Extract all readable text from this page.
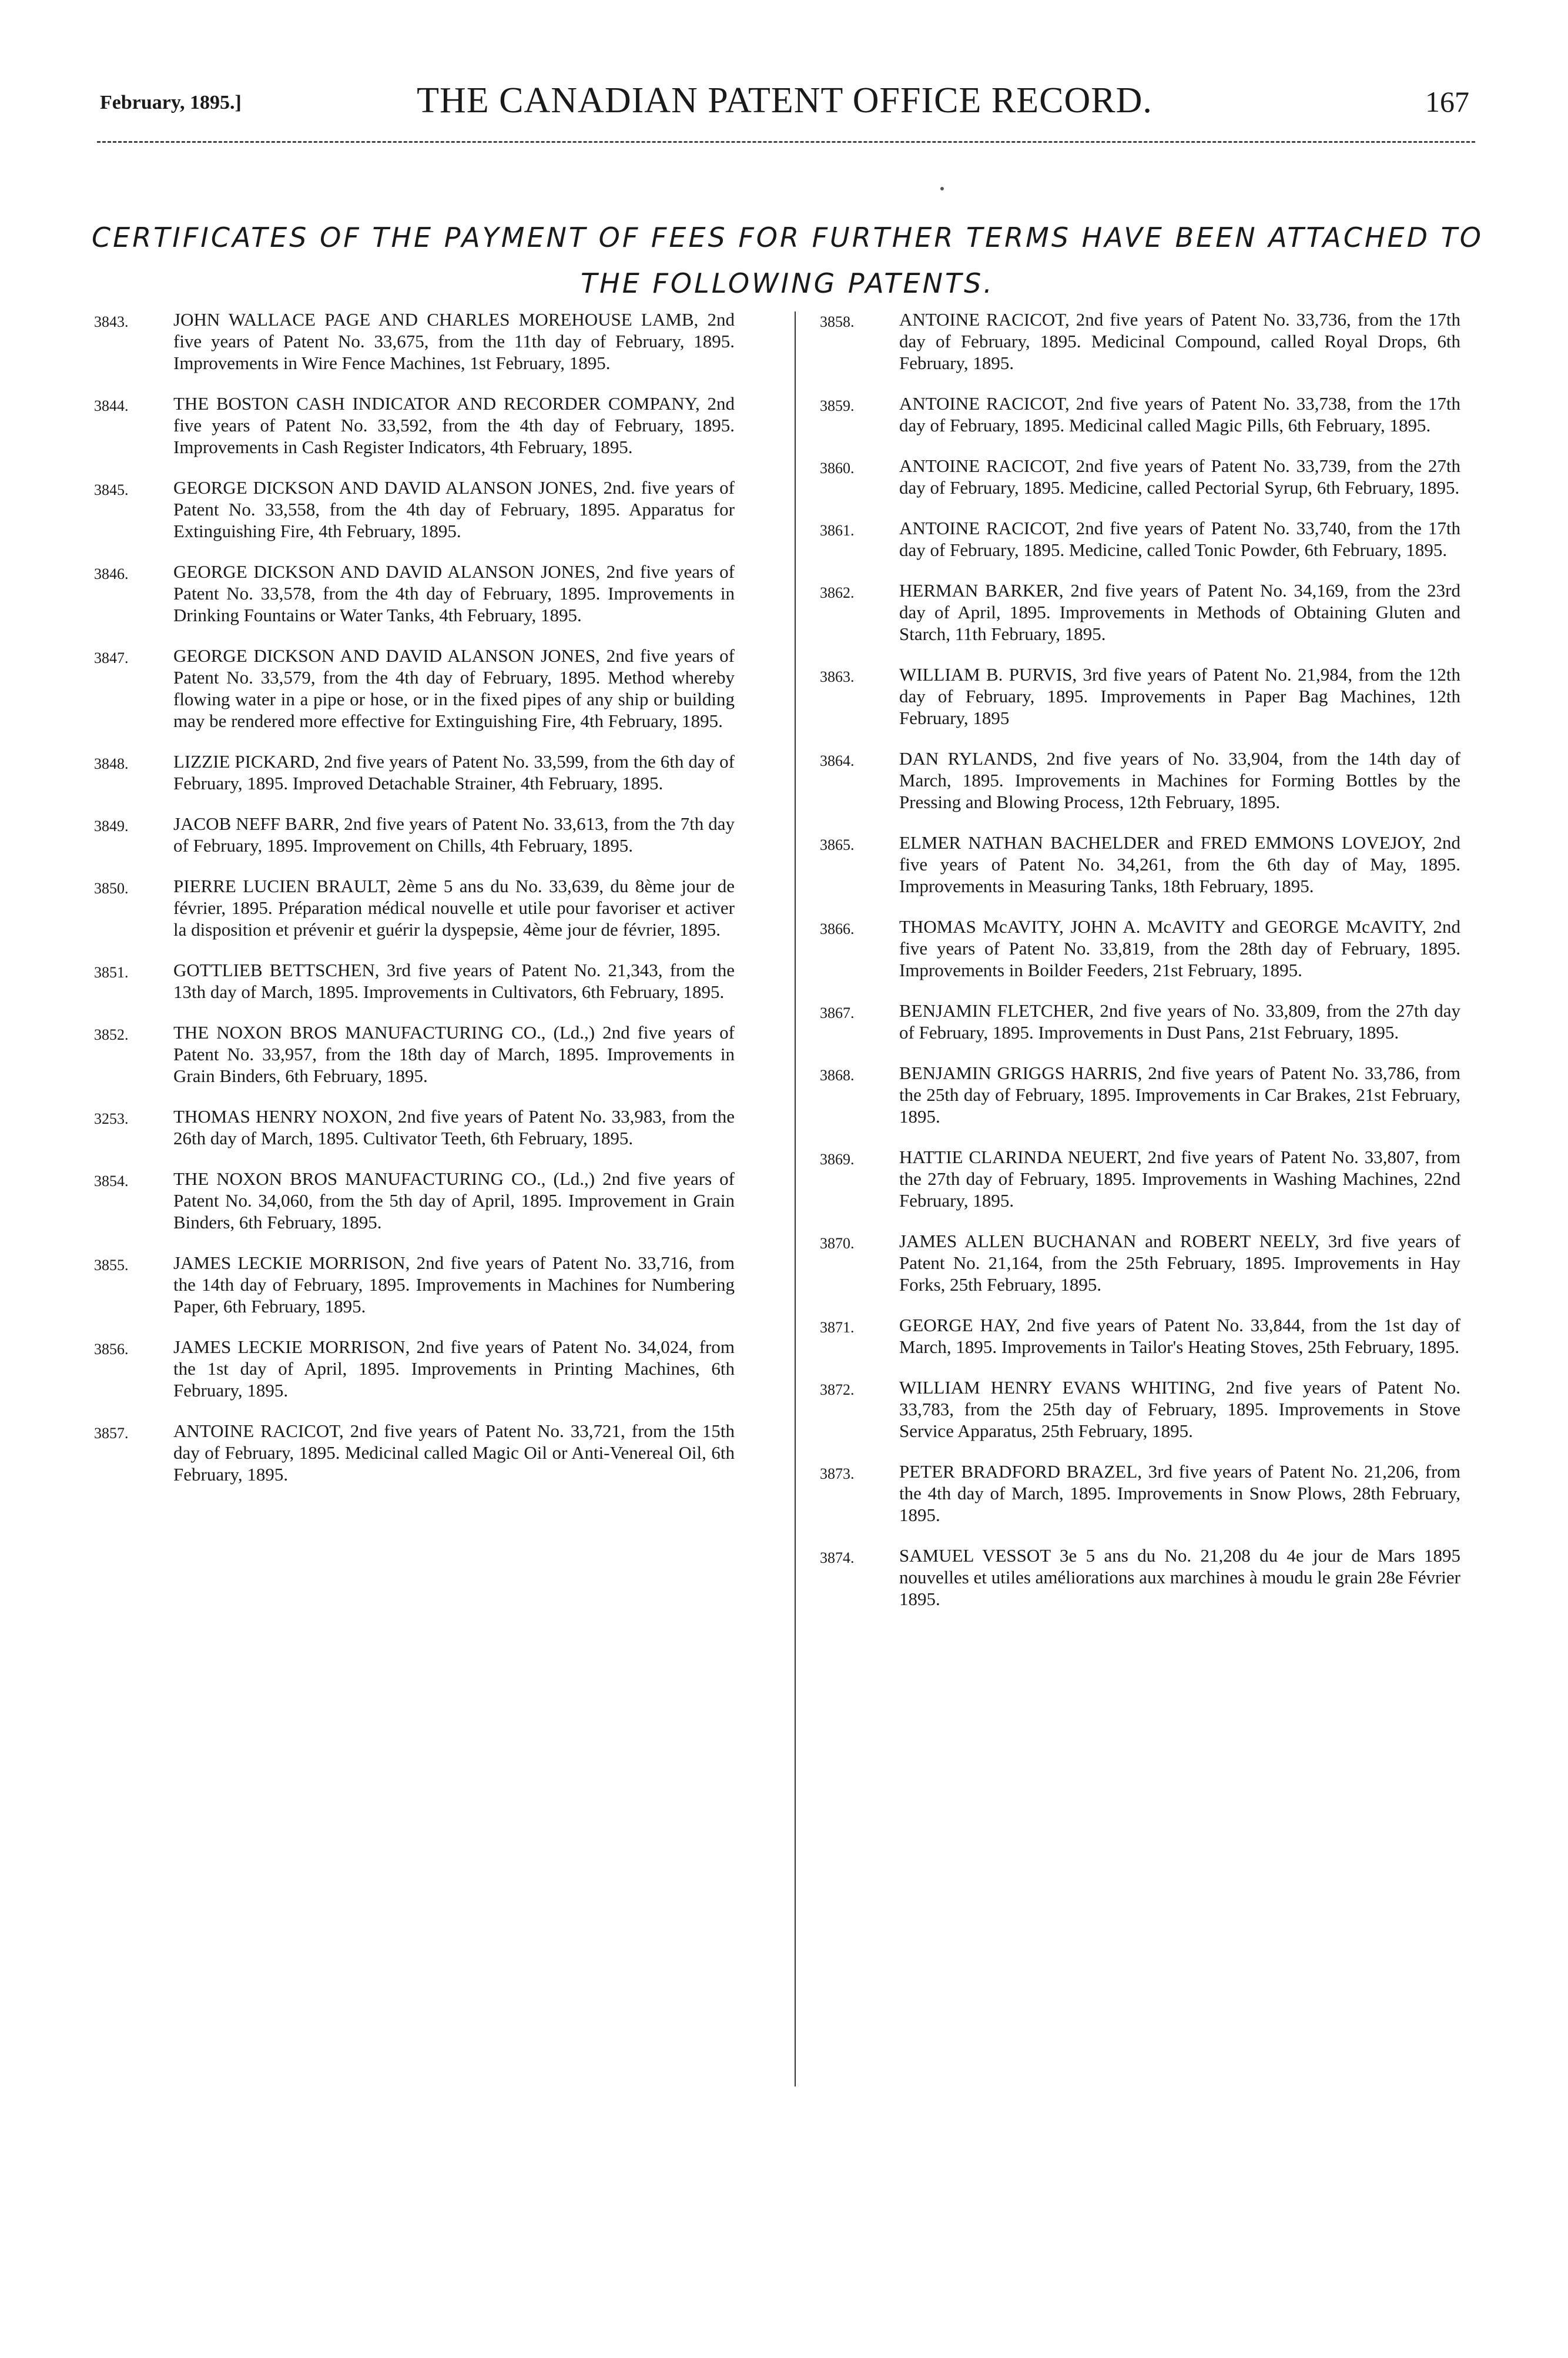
February, 1895.]	THE CANADIAN PATENT OFFICE RECORD.	167
CERTIFICATES OF THE PAYMENT OF FEES FOR FURTHER TERMS HAVE BEEN ATTACHED TO THE FOLLOWING PATENTS.
3843.	JOHN WALLACE PAGE AND CHARLES MOREHOUSE LAMB, 2nd five years of Patent No. 33,675, from the 11th day of February, 1895. Improvements in Wire Fence Machines, 1st February, 1895.
3844.	THE BOSTON CASH INDICATOR AND RECORDER COMPANY, 2nd five years of Patent No. 33,592, from the 4th day of February, 1895. Improvements in Cash Register Indicators, 4th February, 1895.
3845.	GEORGE DICKSON AND DAVID ALANSON JONES, 2nd. five years of Patent No. 33,558, from the 4th day of February, 1895. Apparatus for Extinguishing Fire, 4th February, 1895.
3846.	GEORGE DICKSON AND DAVID ALANSON JONES, 2nd five years of Patent No. 33,578, from the 4th day of February, 1895. Improvements in Drinking Fountains or Water Tanks, 4th February, 1895.
3847.	GEORGE DICKSON AND DAVID ALANSON JONES, 2nd five years of Patent No. 33,579, from the 4th day of February, 1895. Method whereby flowing water in a pipe or hose, or in the fixed pipes of any ship or building may be rendered more effective for Extinguishing Fire, 4th February, 1895.
3848.	LIZZIE PICKARD, 2nd five years of Patent No. 33,599, from the 6th day of February, 1895. Improved Detachable Strainer, 4th February, 1895.
3849.	JACOB NEFF BARR, 2nd five years of Patent No. 33,613, from the 7th day of February, 1895. Improvement on Chills, 4th February, 1895.
3850.	PIERRE LUCIEN BRAULT, 2ème 5 ans du No. 33,639, du 8ème jour de février, 1895. Préparation médical nouvelle et utile pour favoriser et activer la disposition et prévenir et guérir la dyspepsie, 4ème jour de février, 1895.
3851.	GOTTLIEB BETTSCHEN, 3rd five years of Patent No. 21,343, from the 13th day of March, 1895. Improvements in Cultivators, 6th February, 1895.
3852.	THE NOXON BROS MANUFACTURING CO., (Ld.,) 2nd five years of Patent No. 33,957, from the 18th day of March, 1895. Improvements in Grain Binders, 6th February, 1895.
3253.	THOMAS HENRY NOXON, 2nd five years of Patent No. 33,983, from the 26th day of March, 1895. Cultivator Teeth, 6th February, 1895.
3854.	THE NOXON BROS MANUFACTURING CO., (Ld.,) 2nd five years of Patent No. 34,060, from the 5th day of April, 1895. Improvement in Grain Binders, 6th February, 1895.
3855.	JAMES LECKIE MORRISON, 2nd five years of Patent No. 33,716, from the 14th day of February, 1895. Improvements in Machines for Numbering Paper, 6th February, 1895.
3856.	JAMES LECKIE MORRISON, 2nd five years of Patent No. 34,024, from the 1st day of April, 1895. Improvements in Printing Machines, 6th February, 1895.
3857.	ANTOINE RACICOT, 2nd five years of Patent No. 33,721, from the 15th day of February, 1895. Medicinal called Magic Oil or Anti-Venereal Oil, 6th February, 1895.
3858.	ANTOINE RACICOT, 2nd five years of Patent No. 33,736, from the 17th day of February, 1895. Medicinal Compound, called Royal Drops, 6th February, 1895.
3859.	ANTOINE RACICOT, 2nd five years of Patent No. 33,738, from the 17th day of February, 1895. Medicinal called Magic Pills, 6th February, 1895.
3860.	ANTOINE RACICOT, 2nd five years of Patent No. 33,739, from the 27th day of February, 1895. Medicine, called Pectorial Syrup, 6th February, 1895.
3861.	ANTOINE RACICOT, 2nd five years of Patent No. 33,740, from the 17th day of February, 1895. Medicine, called Tonic Powder, 6th February, 1895.
3862.	HERMAN BARKER, 2nd five years of Patent No. 34,169, from the 23rd day of April, 1895. Improvements in Methods of Obtaining Gluten and Starch, 11th February, 1895.
3863.	WILLIAM B. PURVIS, 3rd five years of Patent No. 21,984, from the 12th day of February, 1895. Improvements in Paper Bag Machines, 12th February, 1895
3864.	DAN RYLANDS, 2nd five years of No. 33,904, from the 14th day of March, 1895. Improvements in Machines for Forming Bottles by the Pressing and Blowing Process, 12th February, 1895.
3865.	ELMER NATHAN BACHELDER and FRED EMMONS LOVEJOY, 2nd five years of Patent No. 34,261, from the 6th day of May, 1895. Improvements in Measuring Tanks, 18th February, 1895.
3866.	THOMAS McAVITY, JOHN A. McAVITY and GEORGE McAVITY, 2nd five years of Patent No. 33,819, from the 28th day of February, 1895. Improvements in Boilder Feeders, 21st February, 1895.
3867.	BENJAMIN FLETCHER, 2nd five years of No. 33,809, from the 27th day of February, 1895. Improvements in Dust Pans, 21st February, 1895.
3868.	BENJAMIN GRIGGS HARRIS, 2nd five years of Patent No. 33,786, from the 25th day of February, 1895. Improvements in Car Brakes, 21st February, 1895.
3869.	HATTIE CLARINDA NEUERT, 2nd five years of Patent No. 33,807, from the 27th day of February, 1895. Improvements in Washing Machines, 22nd February, 1895.
3870.	JAMES ALLEN BUCHANAN and ROBERT NEELY, 3rd five years of Patent No. 21,164, from the 25th February, 1895. Improvements in Hay Forks, 25th February, 1895.
3871.	GEORGE HAY, 2nd five years of Patent No. 33,844, from the 1st day of March, 1895. Improvements in Tailor's Heating Stoves, 25th February, 1895.
3872.	WILLIAM HENRY EVANS WHITING, 2nd five years of Patent No. 33,783, from the 25th day of February, 1895. Improvements in Stove Service Apparatus, 25th February, 1895.
3873.	PETER BRADFORD BRAZEL, 3rd five years of Patent No. 21,206, from the 4th day of March, 1895. Improvements in Snow Plows, 28th February, 1895.
3874.	SAMUEL VESSOT 3e 5 ans du No. 21,208 du 4e jour de Mars 1895 nouvelles et utiles améliorations aux marchines à moudu le grain 28e Février 1895.
